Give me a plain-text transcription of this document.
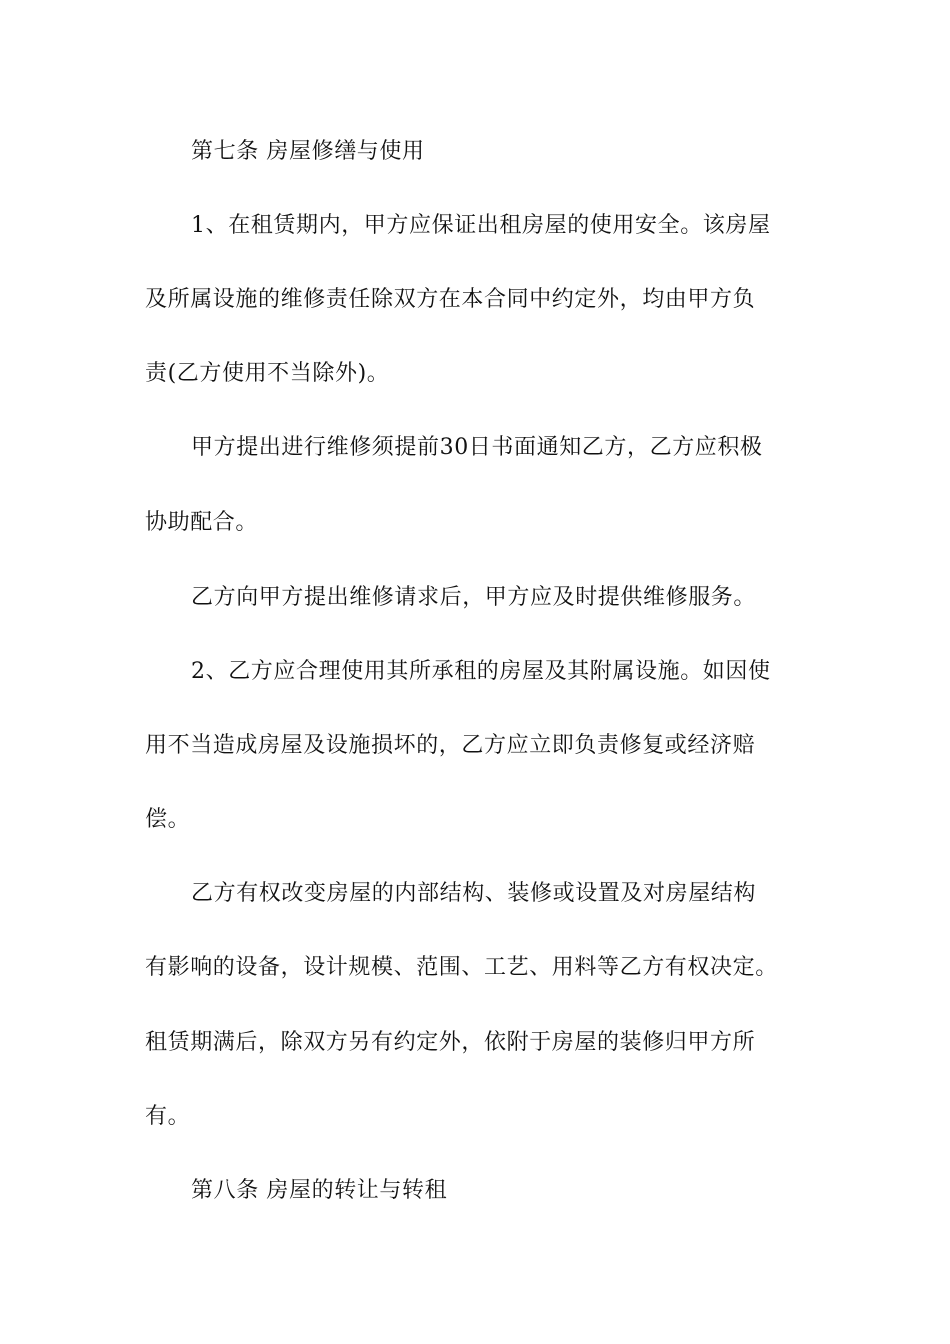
第七条 房屋修缮与使用
1、在租赁期内，甲方应保证出租房屋的使用安全。该房屋
及所属设施的维修责任除双方在本合同中约定外，均由甲方负
责(乙方使用不当除外)。
甲方提出进行维修须提前30日书面通知乙方，乙方应积极
协助配合。
乙方向甲方提出维修请求后，甲方应及时提供维修服务。
2、乙方应合理使用其所承租的房屋及其附属设施。如因使
用不当造成房屋及设施损坏的，乙方应立即负责修复或经济赔
偿。
乙方有权改变房屋的内部结构、装修或设置及对房屋结构
有影响的设备，设计规模、范围、工艺、用料等乙方有权决定。
租赁期满后，除双方另有约定外，依附于房屋的装修归甲方所
有。
第八条 房屋的转让与转租
